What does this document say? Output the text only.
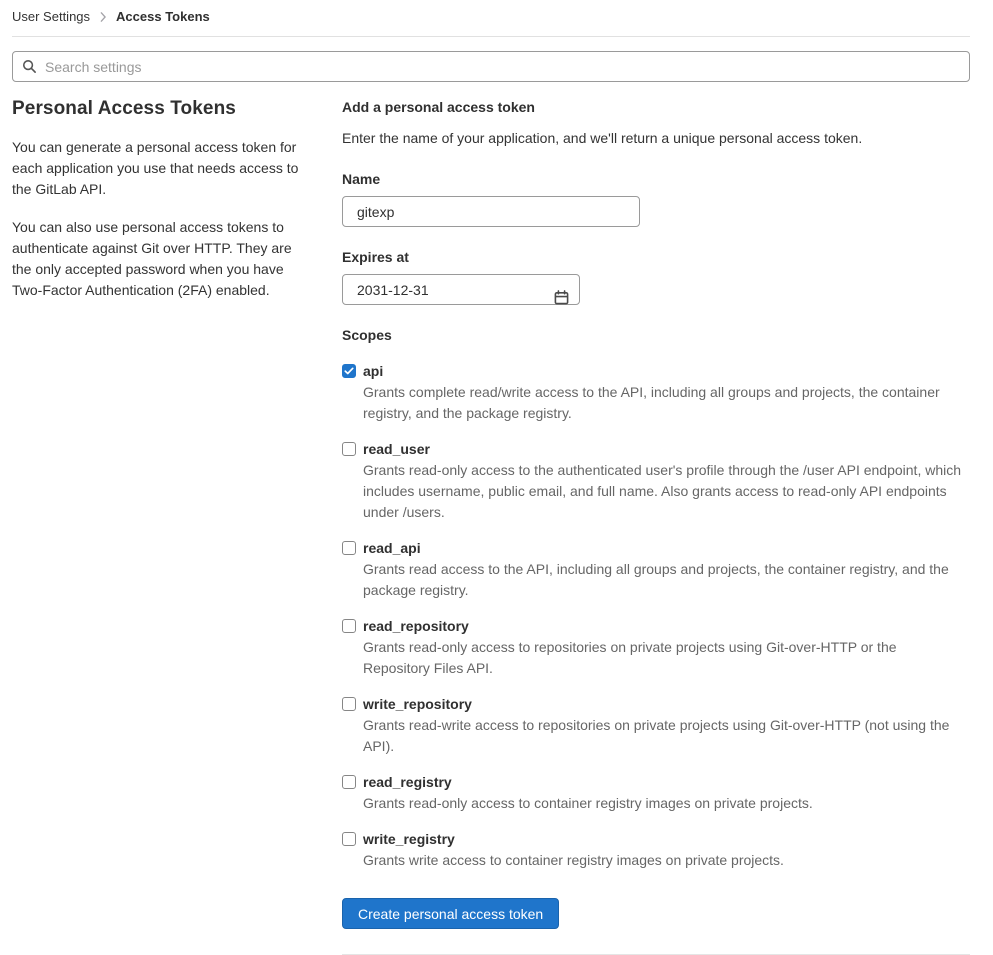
User Settings Access Tokens
Search settings
Personal Access Tokens

You can generate a personal access token for each application you use that needs access to the GitLab API.

You can also use personal access tokens to authenticate against Git over HTTP. They are the only accepted password when you have Two-Factor Authentication (2FA) enabled.

Add a personal access token

Enter the name of your application, and we'll return a unique personal access token.

Name
gitexp
Expires at
2031-12-31
Scopes
api
Grants complete read/write access to the API, including all groups and projects, the container registry, and the package registry.
read_user
Grants read-only access to the authenticated user's profile through the /user API endpoint, which includes username, public email, and full name. Also grants access to read-only API endpoints under /users.
read_api
Grants read access to the API, including all groups and projects, the container registry, and the package registry.
read_repository
Grants read-only access to repositories on private projects using Git-over-HTTP or the Repository Files API.
write_repository
Grants read-write access to repositories on private projects using Git-over-HTTP (not using the API).
read_registry
Grants read-only access to container registry images on private projects.
write_registry
Grants write access to container registry images on private projects.
Create personal access token
